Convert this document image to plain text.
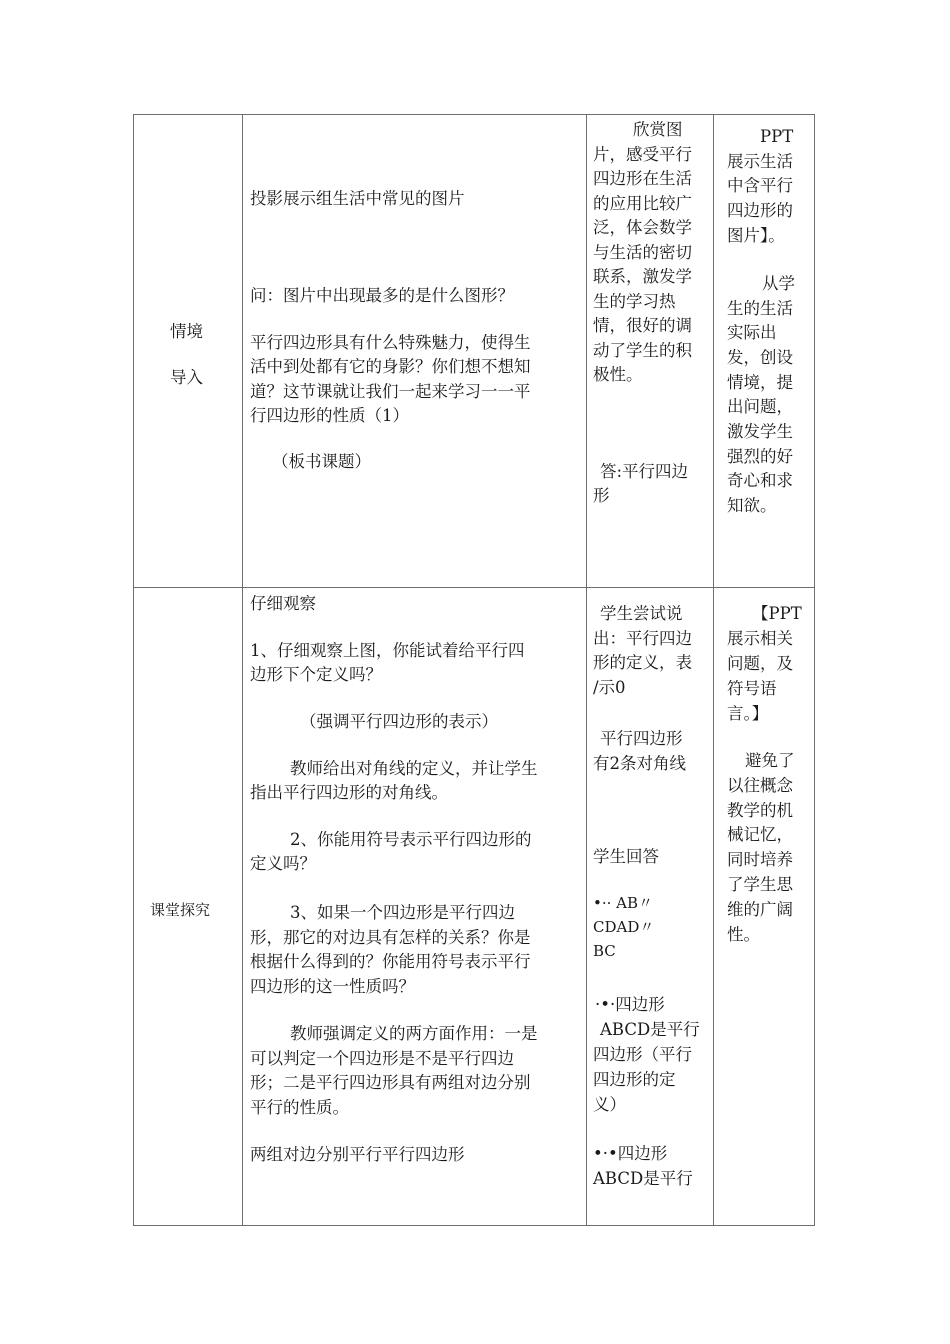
情境
导入
投影展示组生活中常见的图片
问：图片中出现最多的是什么图形？
平行四边形具有什么特殊魅力，使得生
活中到处都有它的身影？你们想不想知
道？这节课就让我们一起来学习一一平
行四边形的性质（1）
（板书课题）
欣赏图
片，感受平行
四边形在生活
的应用比较广
泛，体会数学
与生活的密切
联系，激发学
生的学习热
情，很好的调
动了学生的积
极性。
答:平行四边
形
PPT
展示生活
中含平行
四边形的
图片】。
从学
生的生活
实际出
发，创设
情境，提
出问题，
激发学生
强烈的好
奇心和求
知欲。
课堂探究
仔细观察
1、仔细观察上图，你能试着给平行四
边形下个定义吗？
（强调平行四边形的表示）
教师给出对角线的定义，并让学生
指出平行四边形的对角线。
2、你能用符号表示平行四边形的
定义吗？
3、如果一个四边形是平行四边
形，那它的对边具有怎样的关系？你是
根据什么得到的？你能用符号表示平行
四边形的这一性质吗？
教师强调定义的两方面作用：一是
可以判定一个四边形是不是平行四边
形；二是平行四边形具有两组对边分别
平行的性质。
两组对边分别平行平行四边形
学生尝试说
出：平行四边
形的定义，表
/示0
平行四边形
有2条对角线
学生回答
•·· AB〃
CDAD〃
BC
·•·四边形
ABCD是平行
四边形（平行
四边形的定
义）
•·•四边形
ABCD是平行
【PPT
展示相关
问题，及
符号语
言。】
避免了
以往概念
教学的机
械记忆，
同时培养
了学生思
维的广阔
性。
